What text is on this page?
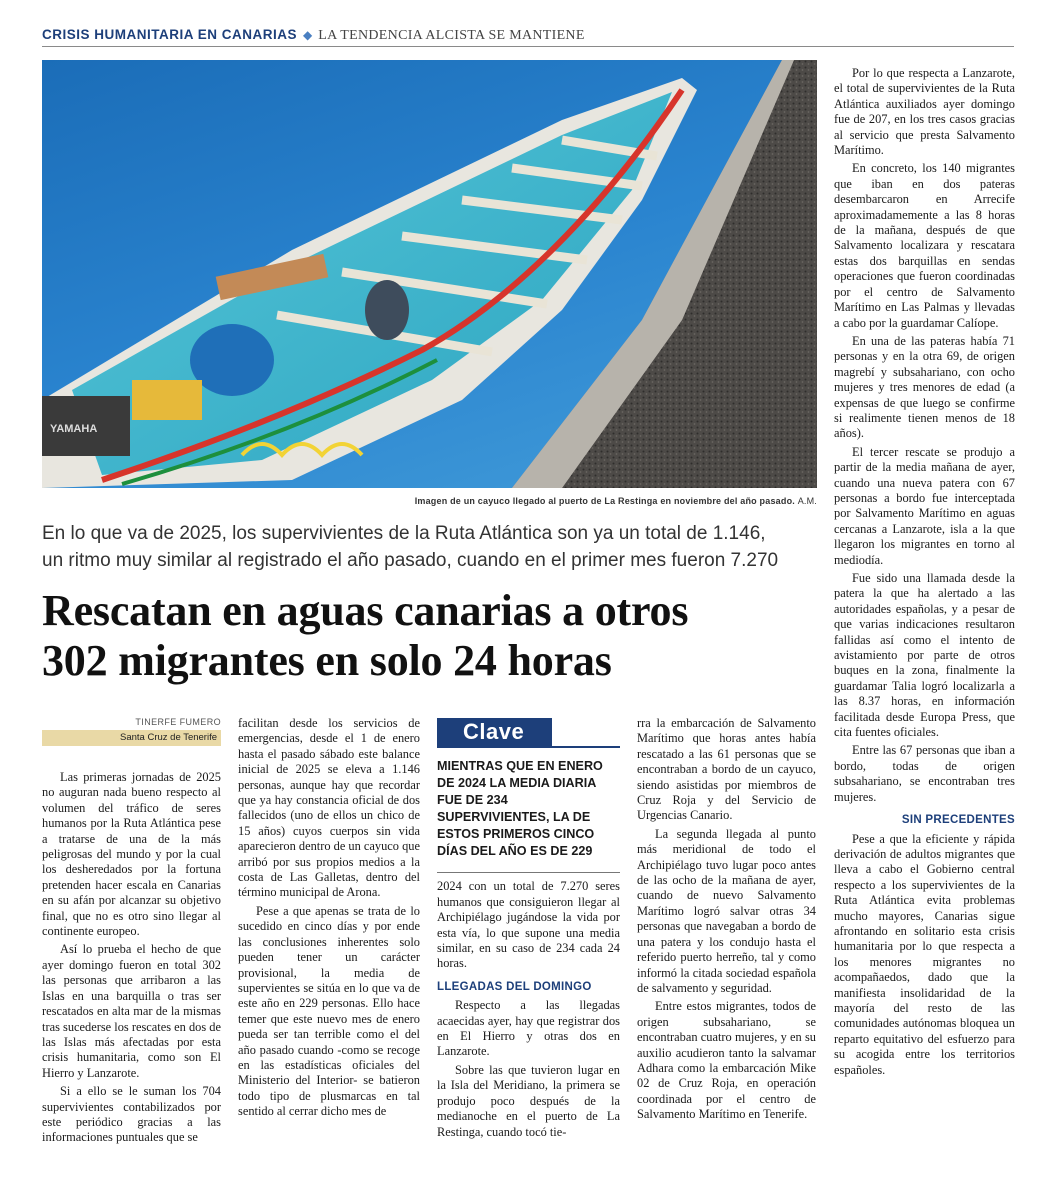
CRISIS HUMANITARIA EN CANARIAS ◆ LA TENDENCIA ALCISTA SE MANTIENE
YAMAHA
Imagen de un cayuco llegado al puerto de La Restinga en noviembre del año pasado. A.M.
En lo que va de 2025, los supervivientes de la Ruta Atlántica son ya un total de 1.146,
un ritmo muy similar al registrado el año pasado, cuando en el primer mes fueron 7.270
Rescatan en aguas canarias a otros
302 migrantes en solo 24 horas
TINERFE FUMERO
Santa Cruz de Tenerife

Las primeras jornadas de 2025 no auguran nada bueno respecto al volumen del tráfico de seres humanos por la Ruta Atlántica pese a tratarse de una de la más peligrosas del mundo y por la cual los desheredados por la fortuna pretenden hacer escala en Canarias en su afán por alcanzar su objetivo final, que no es otro sino llegar al continente europeo.

Así lo prueba el hecho de que ayer domingo fueron en total 302 las personas que arribaron a las Islas en una barquilla o tras ser rescatados en alta mar de la mismas tras sucederse los rescates en dos de las Islas más afectadas por esta crisis humanitaria, como son El Hierro y Lanzarote.

Si a ello se le suman los 704 supervivientes contabilizados por este periódico gracias a las informaciones puntuales que se

facilitan desde los servicios de emergencias, desde el 1 de enero hasta el pasado sábado este balance inicial de 2025 se eleva a 1.146 personas, aunque hay que recordar que ya hay constancia oficial de dos fallecidos (uno de ellos un chico de 15 años) cuyos cuerpos sin vida aparecieron dentro de un cayuco que arribó por sus propios medios a la costa de Las Galletas, dentro del término municipal de Arona.

Pese a que apenas se trata de lo sucedido en cinco días y por ende las conclusiones inherentes solo pueden tener un carácter provisional, la media de supervientes se sitúa en lo que va de este año en 229 personas. Ello hace temer que este nuevo mes de enero pueda ser tan terrible como el del año pasado cuando -como se recoge en las estadísticas oficiales del Ministerio del Interior- se batieron todo tipo de plusmarcas en tal sentido al cerrar dicho mes de

Clave
MIENTRAS QUE EN ENERO DE 2024 LA MEDIA DIARIA FUE DE 234 SUPERVIVIENTES, LA DE ESTOS PRIMEROS CINCO DÍAS DEL AÑO ES DE 229

2024 con un total de 7.270 seres humanos que consiguieron llegar al Archipiélago jugándose la vida por esta vía, lo que supone una media similar, en su caso de 234 cada 24 horas.

LLEGADAS DEL DOMINGO

Respecto a las llegadas acaecidas ayer, hay que registrar dos en El Hierro y otras dos en Lanzarote.

Sobre las que tuvieron lugar en la Isla del Meridiano, la primera se produjo poco después de la medianoche en el puerto de La Restinga, cuando tocó tie-

rra la embarcación de Salvamento Marítimo que horas antes había rescatado a las 61 personas que se encontraban a bordo de un cayuco, siendo asistidas por miembros de Cruz Roja y del Servicio de Urgencias Canario.

La segunda llegada al punto más meridional de todo el Archipiélago tuvo lugar poco antes de las ocho de la mañana de ayer, cuando de nuevo Salvamento Marítimo logró salvar otras 34 personas que navegaban a bordo de una patera y los condujo hasta el referido puerto herreño, tal y como informó la citada sociedad española de salvamento y seguridad.

Entre estos migrantes, todos de origen subsahariano, se encontraban cuatro mujeres, y en su auxilio acudieron tanto la salvamar Adhara como la embarcación Mike 02 de Cruz Roja, en operación coordinada por el centro de Salvamento Marítimo en Tenerife.

Por lo que respecta a Lanzarote, el total de supervivientes de la Ruta Atlántica auxiliados ayer domingo fue de 207, en los tres casos gracias al servicio que presta Salvamento Marítimo.

En concreto, los 140 migrantes que iban en dos pateras desembarcaron en Arrecife aproximadamemente a las 8 horas de la mañana, después de que Salvamento localizara y rescatara estas dos barquillas en sendas operaciones que fueron coordinadas por el centro de Salvamento Marítimo en Las Palmas y llevadas a cabo por la guardamar Calíope.

En una de las pateras había 71 personas y en la otra 69, de origen magrebí y subsahariano, con ocho mujeres y tres menores de edad (a expensas de que luego se confirme si realimente tienen menos de 18 años).

El tercer rescate se produjo a partir de la media mañana de ayer, cuando una nueva patera con 67 personas a bordo fue interceptada por Salvamento Marítimo en aguas cercanas a Lanzarote, isla a la que llegaron los migrantes en torno al mediodía.

Fue sido una llamada desde la patera la que ha alertado a las autoridades españolas, y a pesar de que varias indicaciones resultaron fallidas así como el intento de avistamiento por parte de otros buques en la zona, finalmente la guardamar Talia logró localizarla a las 8.37 horas, en información facilitada desde Europa Press, que cita fuentes oficiales.

Entre las 67 personas que iban a bordo, todas de origen subsahariano, se encontraban tres mujeres.

SIN PRECEDENTES

Pese a que la eficiente y rápida derivación de adultos migrantes que lleva a cabo el Gobierno central respecto a los supervivientes de la Ruta Atlántica evita problemas mucho mayores, Canarias sigue afrontando en solitario esta crisis humanitaria por lo que respecta a los menores migrantes no acompañaedos, dado que la manifiesta insolidaridad de la mayoría del resto de las comunidades autónomas bloquea un reparto equitativo del esfuerzo para su acogida entre los territorios españoles.
